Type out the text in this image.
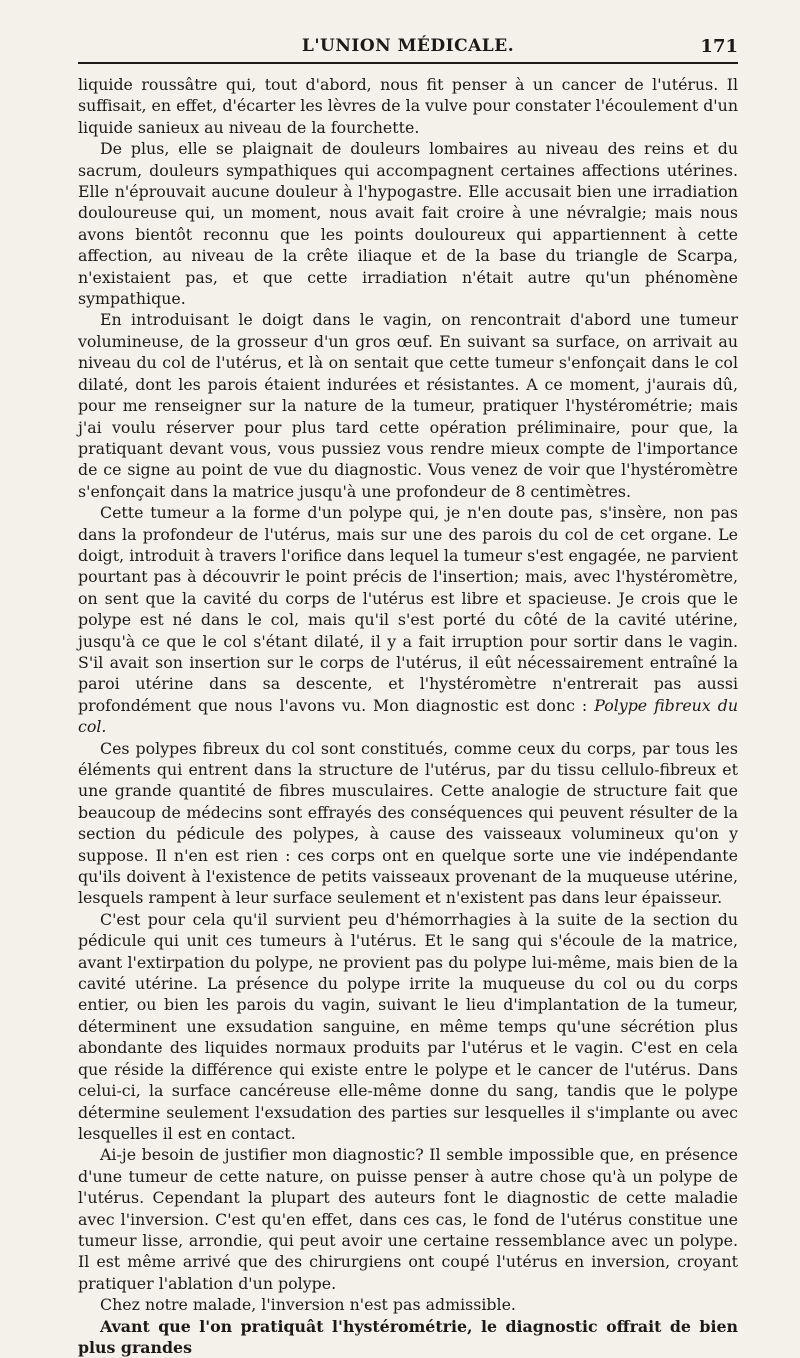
L'UNION MÉDICALE.	171

liquide roussâtre qui, tout d'abord, nous fit penser à un cancer de l'utérus. Il suffisait, en effet, d'écarter les lèvres de la vulve pour constater l'écoulement d'un liquide sanieux au niveau de la fourchette.

De plus, elle se plaignait de douleurs lombaires au niveau des reins et du sacrum, douleurs sympathiques qui accompagnent certaines affections utérines. Elle n'éprouvait aucune douleur à l'hypogastre. Elle accusait bien une irradiation douloureuse qui, un moment, nous avait fait croire à une névralgie; mais nous avons bientôt reconnu que les points douloureux qui appartiennent à cette affection, au niveau de la crête iliaque et de la base du triangle de Scarpa, n'existaient pas, et que cette irradiation n'était autre qu'un phénomène sympathique.

En introduisant le doigt dans le vagin, on rencontrait d'abord une tumeur volumineuse, de la grosseur d'un gros œuf. En suivant sa surface, on arrivait au niveau du col de l'utérus, et là on sentait que cette tumeur s'enfonçait dans le col dilaté, dont les parois étaient indurées et résistantes. A ce moment, j'aurais dû, pour me renseigner sur la nature de la tumeur, pratiquer l'hystérométrie; mais j'ai voulu réserver pour plus tard cette opération préliminaire, pour que, la pratiquant devant vous, vous pussiez vous rendre mieux compte de l'importance de ce signe au point de vue du diagnostic. Vous venez de voir que l'hystéromètre s'enfonçait dans la matrice jusqu'à une profondeur de 8 centimètres.

Cette tumeur a la forme d'un polype qui, je n'en doute pas, s'insère, non pas dans la profondeur de l'utérus, mais sur une des parois du col de cet organe. Le doigt, introduit à travers l'orifice dans lequel la tumeur s'est engagée, ne parvient pourtant pas à découvrir le point précis de l'insertion; mais, avec l'hystéromètre, on sent que la cavité du corps de l'utérus est libre et spacieuse. Je crois que le polype est né dans le col, mais qu'il s'est porté du côté de la cavité utérine, jusqu'à ce que le col s'étant dilaté, il y a fait irruption pour sortir dans le vagin. S'il avait son insertion sur le corps de l'utérus, il eût nécessairement entraîné la paroi utérine dans sa descente, et l'hystéromètre n'entrerait pas aussi profondément que nous l'avons vu. Mon diagnostic est donc : Polype fibreux du col.

Ces polypes fibreux du col sont constitués, comme ceux du corps, par tous les éléments qui entrent dans la structure de l'utérus, par du tissu cellulo-fibreux et une grande quantité de fibres musculaires. Cette analogie de structure fait que beaucoup de médecins sont effrayés des conséquences qui peuvent résulter de la section du pédicule des polypes, à cause des vaisseaux volumineux qu'on y suppose. Il n'en est rien : ces corps ont en quelque sorte une vie indépendante qu'ils doivent à l'existence de petits vaisseaux provenant de la muqueuse utérine, lesquels rampent à leur surface seulement et n'existent pas dans leur épaisseur.

C'est pour cela qu'il survient peu d'hémorrhagies à la suite de la section du pédicule qui unit ces tumeurs à l'utérus. Et le sang qui s'écoule de la matrice, avant l'extirpation du polype, ne provient pas du polype lui-même, mais bien de la cavité utérine. La présence du polype irrite la muqueuse du col ou du corps entier, ou bien les parois du vagin, suivant le lieu d'implantation de la tumeur, déterminent une exsudation sanguine, en même temps qu'une sécrétion plus abondante des liquides normaux produits par l'utérus et le vagin. C'est en cela que réside la différence qui existe entre le polype et le cancer de l'utérus. Dans celui-ci, la surface cancéreuse elle-même donne du sang, tandis que le polype détermine seulement l'exsudation des parties sur lesquelles il s'implante ou avec lesquelles il est en contact.

Ai-je besoin de justifier mon diagnostic? Il semble impossible que, en présence d'une tumeur de cette nature, on puisse penser à autre chose qu'à un polype de l'utérus. Cependant la plupart des auteurs font le diagnostic de cette maladie avec l'inversion. C'est qu'en effet, dans ces cas, le fond de l'utérus constitue une tumeur lisse, arrondie, qui peut avoir une certaine ressemblance avec un polype. Il est même arrivé que des chirurgiens ont coupé l'utérus en inversion, croyant pratiquer l'ablation d'un polype.

Chez notre malade, l'inversion n'est pas admissible.

Avant que l'on pratiquât l'hystérométrie, le diagnostic offrait de bien plus grandes
